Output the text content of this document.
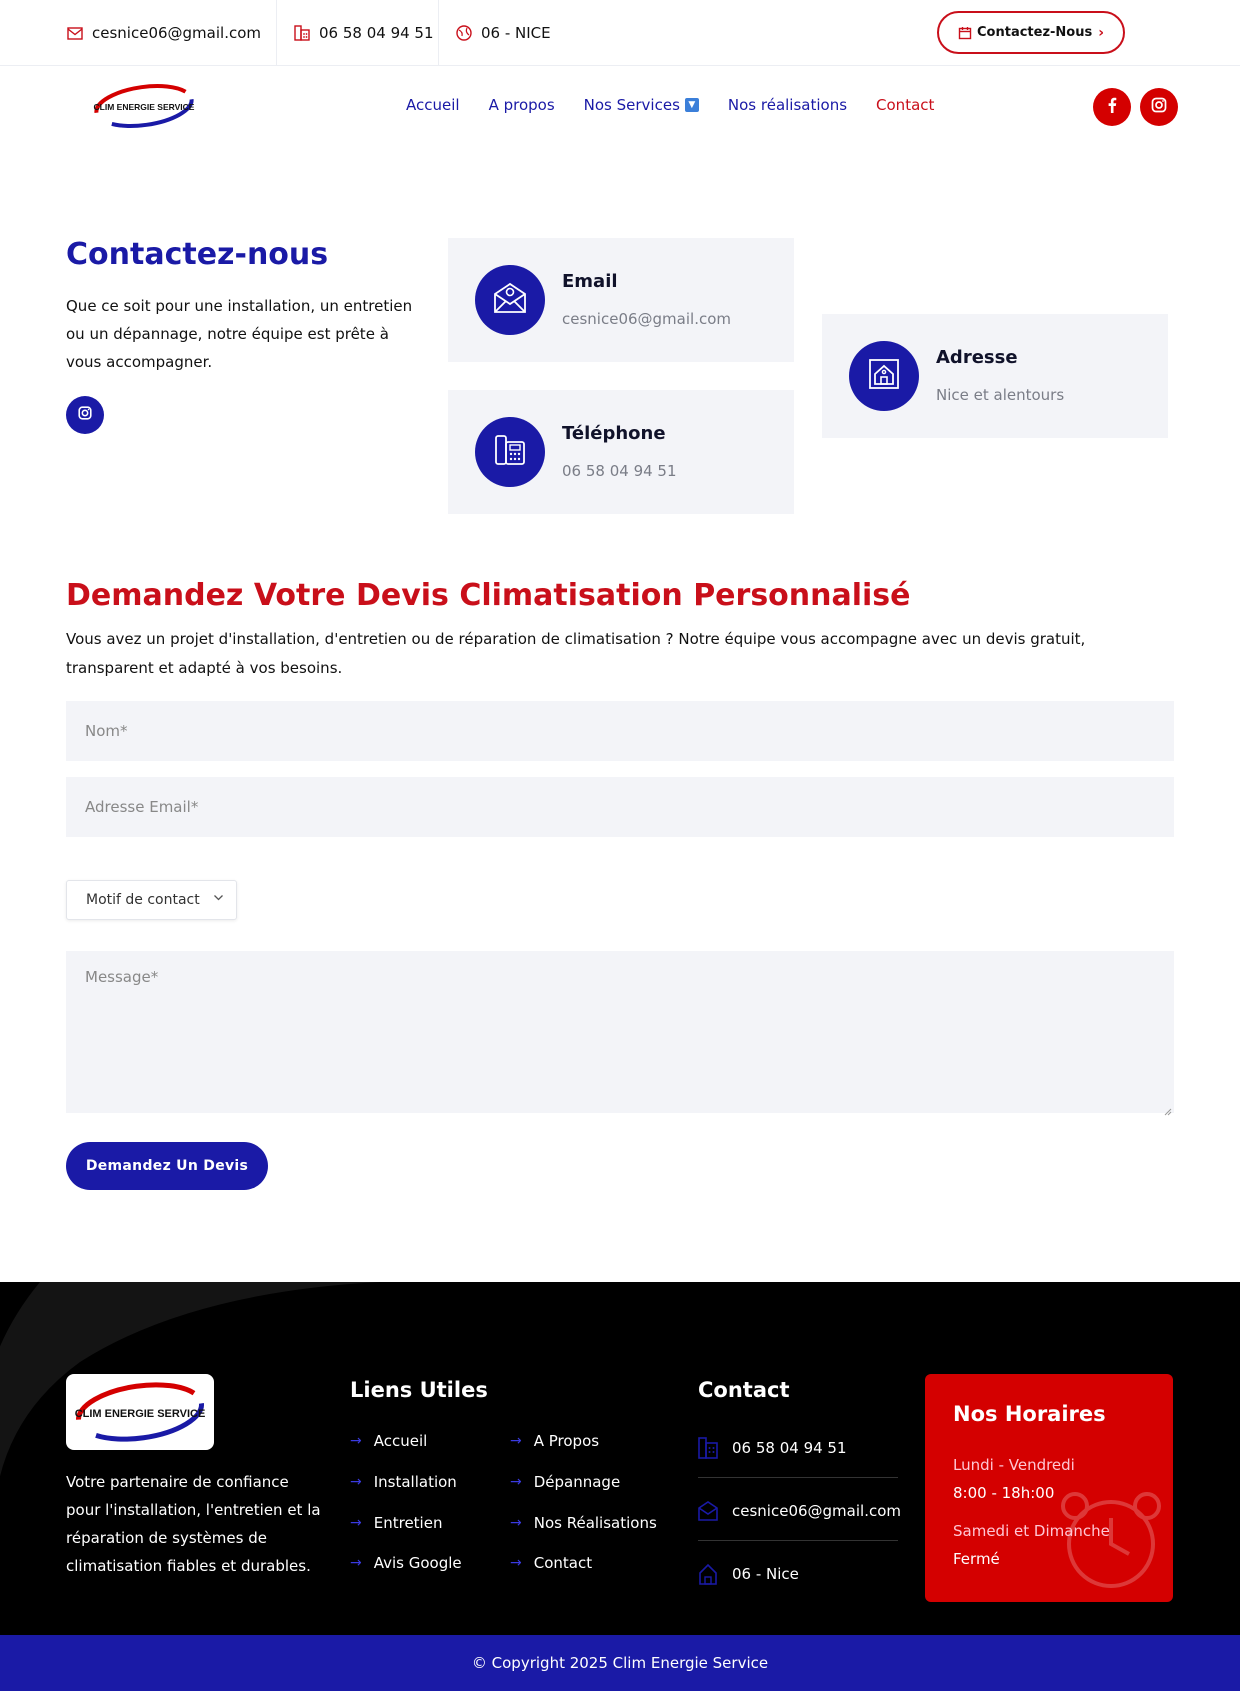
cesnice06@gmail.com	06 58 04 94 51	06 - NICE	Contactez-Nous ›
CLIM ENERGIE SERVICE	Accueil A propos Nos Services ▼ Nos réalisations Contact
Contactez-nous
Que ce soit pour une installation, un entretien ou un dépannage, notre équipe est prête à vous accompagner.
Email
cesnice06@gmail.com
Téléphone
06 58 04 94 51
Adresse
Nice et alentours
Demandez Votre Devis Climatisation Personnalisé
Vous avez un projet d'installation, d'entretien ou de réparation de climatisation ? Notre équipe vous accompagne avec un devis gratuit, transparent et adapté à vos besoins.
Nom*
Adresse Email*
Motif de contact
Message*
Demandez Un Devis
CLIM ENERGIE SERVICE
Votre partenaire de confiance pour l'installation, l'entretien et la réparation de systèmes de climatisation fiables et durables.
Liens Utiles
→ Accueil
→ Installation
→ Entretien
→ Avis Google
→ A Propos
→ Dépannage
→ Nos Réalisations
→ Contact
Contact
06 58 04 94 51
cesnice06@gmail.com
06 - Nice
Nos Horaires
Lundi - Vendredi
8:00 - 18h:00
Samedi et Dimanche
Fermé
© Copyright 2025 Clim Energie Service
